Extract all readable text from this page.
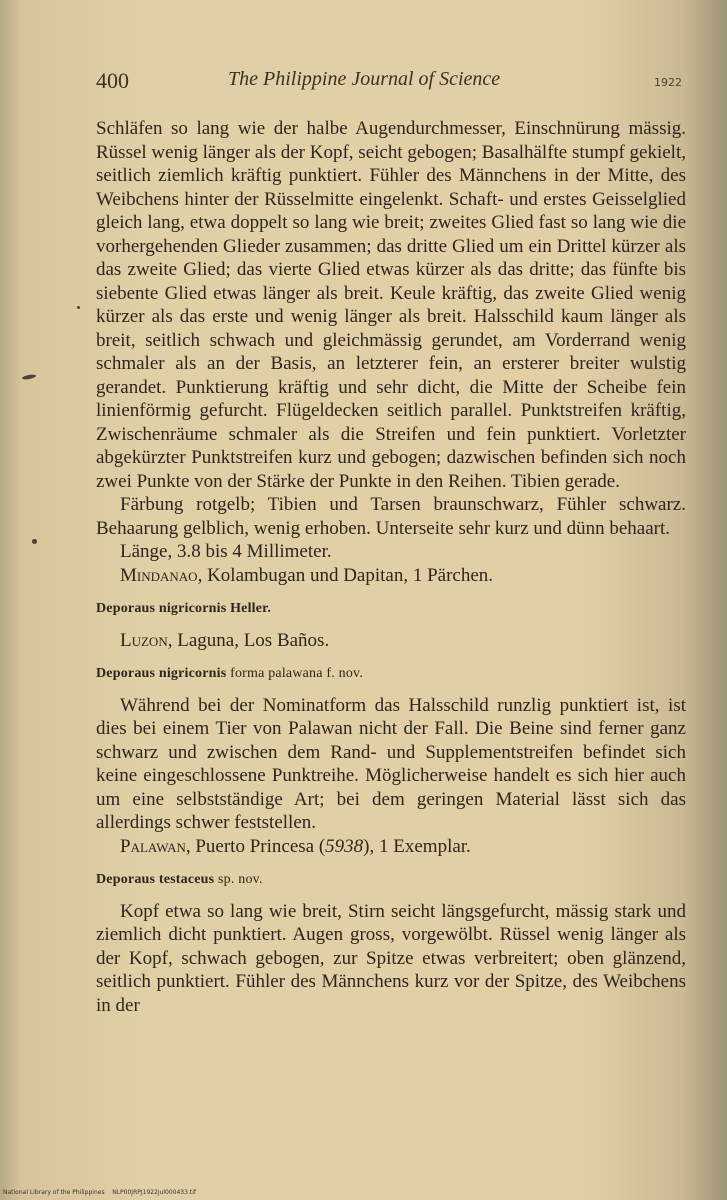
400	The Philippine Journal of Science	1922

Schläfen so lang wie der halbe Augendurchmesser, Einschnürung mässig. Rüssel wenig länger als der Kopf, seicht gebogen; Basalhälfte stumpf gekielt, seitlich ziemlich kräftig punktiert. Fühler des Männchens in der Mitte, des Weibchens hinter der Rüsselmitte eingelenkt. Schaft- und erstes Geisselglied gleich lang, etwa doppelt so lang wie breit; zweites Glied fast so lang wie die vorhergehenden Glieder zusammen; das dritte Glied um ein Drittel kürzer als das zweite Glied; das vierte Glied etwas kürzer als das dritte; das fünfte bis siebente Glied etwas länger als breit. Keule kräftig, das zweite Glied wenig kürzer als das erste und wenig länger als breit. Halsschild kaum länger als breit, seitlich schwach und gleichmässig gerundet, am Vorderrand wenig schmaler als an der Basis, an letzterer fein, an ersterer breiter wulstig gerandet. Punktierung kräftig und sehr dicht, die Mitte der Scheibe fein linienförmig gefurcht. Flügeldecken seitlich parallel. Punktstreifen kräftig, Zwischenräume schmaler als die Streifen und fein punktiert. Vorletzter abgekürzter Punktstreifen kurz und gebogen; dazwischen befinden sich noch zwei Punkte von der Stärke der Punkte in den Reihen. Tibien gerade.

Färbung rotgelb; Tibien und Tarsen braunschwarz, Fühler schwarz. Behaarung gelblich, wenig erhoben. Unterseite sehr kurz und dünn behaart.

Länge, 3.8 bis 4 Millimeter.

Mindanao, Kolambugan und Dapitan, 1 Pärchen.

Deporaus nigricornis Heller.

Luzon, Laguna, Los Baños.

Deporaus nigricornis forma palawana f. nov.

Während bei der Nominatform das Halsschild runzlig punktiert ist, ist dies bei einem Tier von Palawan nicht der Fall. Die Beine sind ferner ganz schwarz und zwischen dem Rand- und Supplementstreifen befindet sich keine eingeschlossene Punktreihe. Möglicherweise handelt es sich hier auch um eine selbstständige Art; bei dem geringen Material lässt sich das allerdings schwer feststellen.

Palawan, Puerto Princesa (5938), 1 Exemplar.

Deporaus testaceus sp. nov.

Kopf etwa so lang wie breit, Stirn seicht längsgefurcht, mässig stark und ziemlich dicht punktiert. Augen gross, vorgewölbt. Rüssel wenig länger als der Kopf, schwach gebogen, zur Spitze etwas verbreitert; oben glänzend, seitlich punktiert. Fühler des Männchens kurz vor der Spitze, des Weibchens in der

National Library of the Philippines NLP00JRPJ1922jul000433.tif
